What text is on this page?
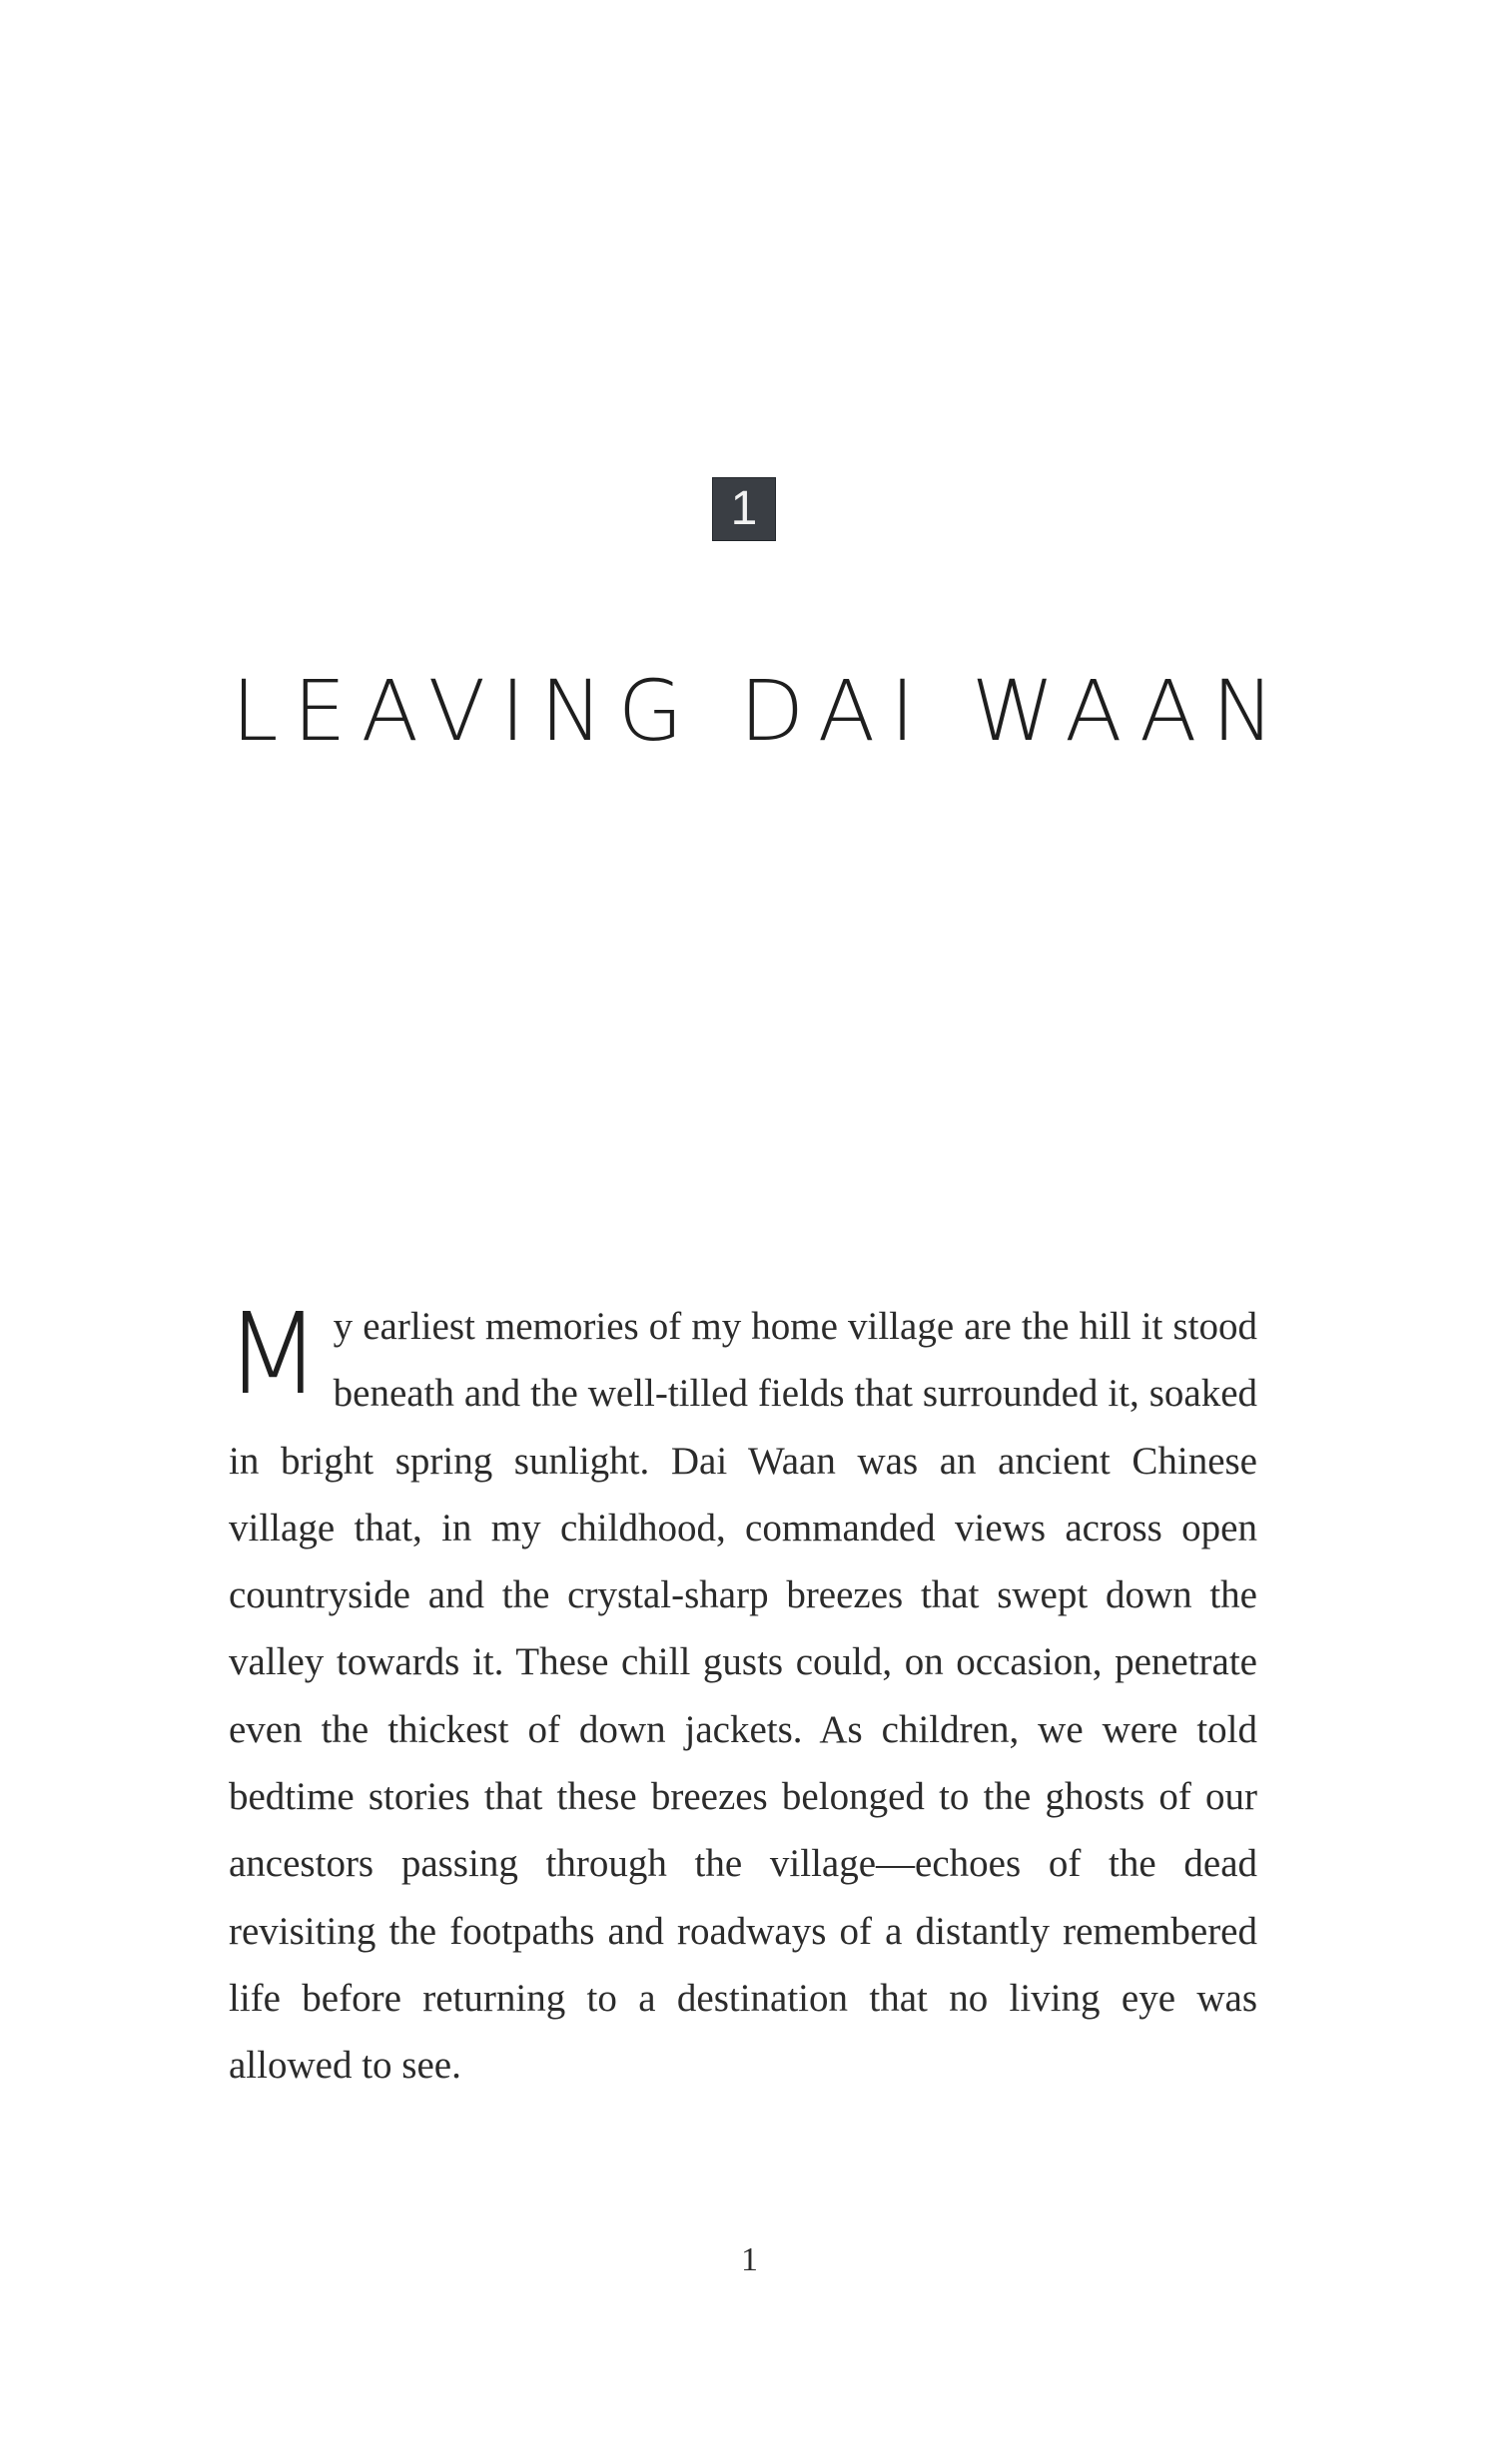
1
LEAVING DAI WAAN

My earliest memories of my home village are the hill it stood beneath and the well-tilled fields that surrounded it, soaked in bright spring sunlight. Dai Waan was an ancient Chinese village that, in my childhood, commanded views across open countryside and the crystal-sharp breezes that swept down the valley towards it. These chill gusts could, on occasion, penetrate even the thickest of down jackets. As children, we were told bedtime stories that these breezes belonged to the ghosts of our ancestors passing through the village—echoes of the dead revisiting the footpaths and roadways of a distantly remembered life before returning to a destination that no living eye was allowed to see.

1
